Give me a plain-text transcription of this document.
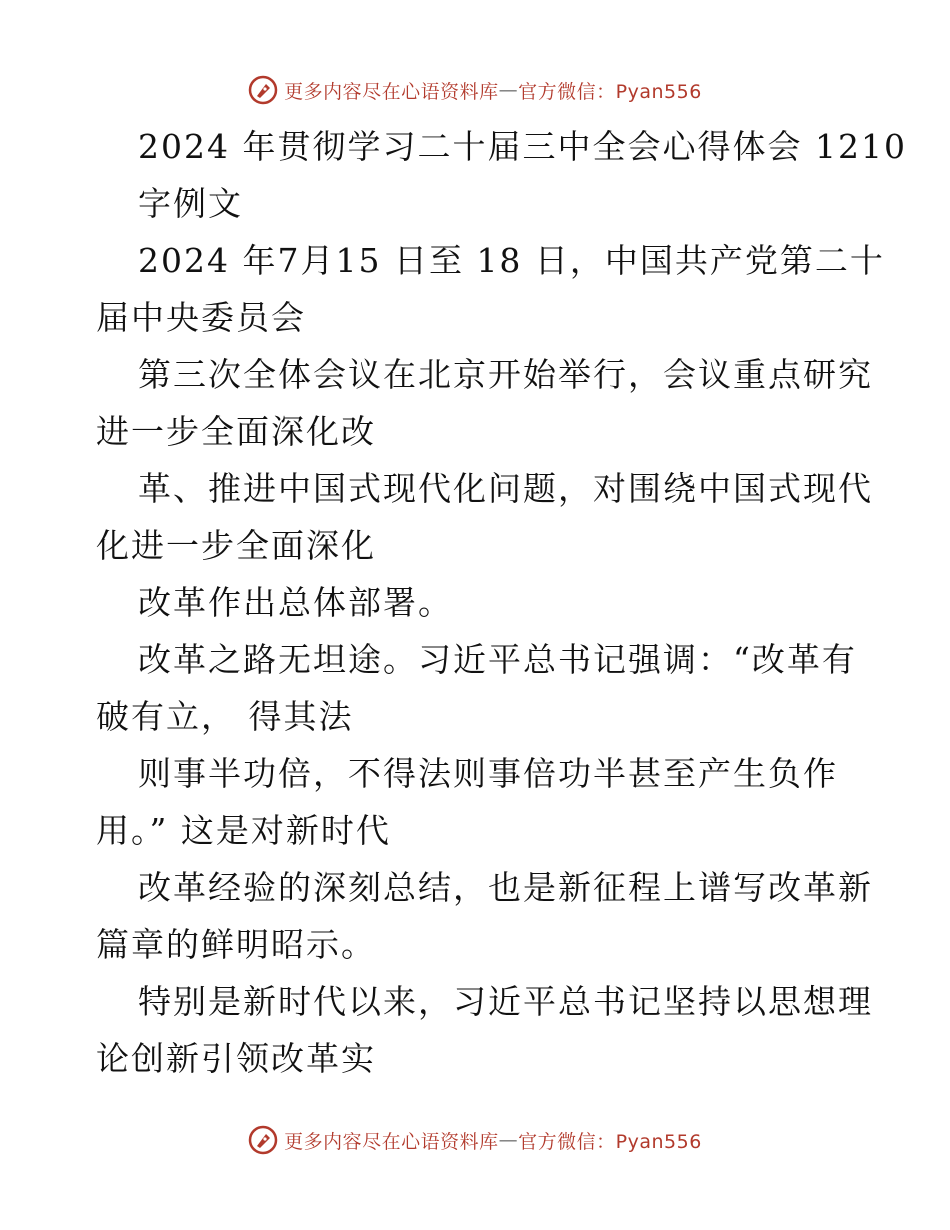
更多内容尽在心语资料库 — 官方微信：Pyan556
2024 年贯彻学习二十届三中全会心得体会 1210
字例文
2024 年7月15 日至 18 日，中国共产党第二十
届中央委员会
第三次全体会议在北京开始举行，会议重点研究
进一步全面深化改
革、推进中国式现代化问题，对围绕中国式现代
化进一步全面深化
改革作出总体部署。
改革之路无坦途。习近平总书记强调：“改革有
破有立， 得其法
则事半功倍，不得法则事倍功半甚至产生负作
用。” 这是对新时代
改革经验的深刻总结，也是新征程上谱写改革新
篇章的鲜明昭示。
特别是新时代以来，习近平总书记坚持以思想理
论创新引领改革实
更多内容尽在心语资料库 — 官方微信：Pyan556
